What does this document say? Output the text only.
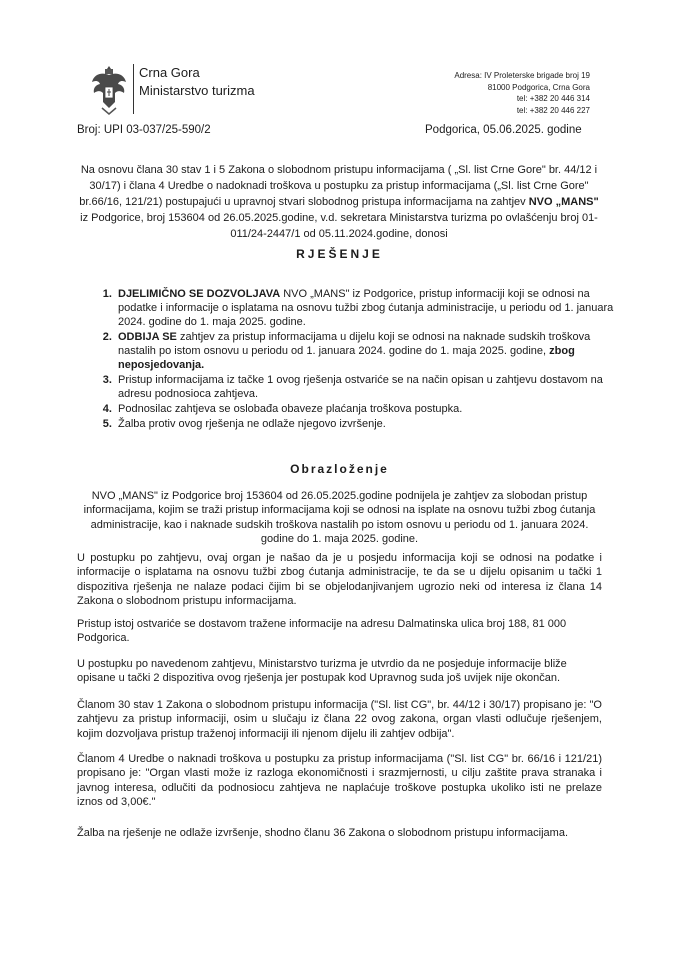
Crna Gora
Ministarstvo turizma
Adresa: IV Proleterske brigade broj 19
81000 Podgorica, Crna Gora
tel: +382 20 446 314
tel: +382 20 446 227
Broj: UPI 03-037/25-590/2	Podgorica, 05.06.2025. godine
Na osnovu člana 30 stav 1 i 5 Zakona o slobodnom pristupu informacijama ( „Sl. list Crne Gore" br. 44/12 i 30/17) i člana 4 Uredbe o nadoknadi troškova u postupku za pristup informacijama („Sl. list Crne Gore" br.66/16, 121/21) postupajući u upravnoj stvari slobodnog pristupa informacijama na zahtjev NVO „MANS" iz Podgorice, broj 153604 od 26.05.2025.godine, v.d. sekretara Ministarstva turizma po ovlašćenju broj 01-011/24-2447/1 od 05.11.2024.godine, donosi
RJEŠENJE
1. DJELIMIČNO SE DOZVOLJAVA NVO „MANS" iz Podgorice, pristup informaciji koji se odnosi na podatke i informacije o isplatama na osnovu tužbi zbog ćutanja administracije, u periodu od 1. januara 2024. godine do 1. maja 2025. godine.
2. ODBIJA SE zahtjev za pristup informacijama u dijelu koji se odnosi na naknade sudskih troškova nastalih po istom osnovu u periodu od 1. januara 2024. godine do 1. maja 2025. godine, zbog neposjedovanja.
3. Pristup informacijama iz tačke 1 ovog rješenja ostvariće se na način opisan u zahtjevu dostavom na adresu podnosioca zahtjeva.
4. Podnosilac zahtjeva se oslobađa obaveze plaćanja troškova postupka.
5. Žalba protiv ovog rješenja ne odlaže njegovo izvršenje.
Obrazloženje
NVO „MANS" iz Podgorice broj 153604 od 26.05.2025.godine podnijela je zahtjev za slobodan pristup informacijama, kojim se traži pristup informacijama koji se odnosi na isplate na osnovu tužbi zbog ćutanja administracije, kao i naknade sudskih troškova nastalih po istom osnovu u periodu od 1. januara 2024. godine do 1. maja 2025. godine.
U postupku po zahtjevu, ovaj organ je našao da je u posjedu informacija koji se odnosi na podatke i informacije o isplatama na osnovu tužbi zbog ćutanja administracije, te da se u dijelu opisanim u tački 1 dispozitiva rješenja ne nalaze podaci čijim bi se objelodanjivanjem ugrozio neki od interesa iz člana 14 Zakona o slobodnom pristupu informacijama.
Pristup istoj ostvariće se dostavom tražene informacije na adresu Dalmatinska ulica broj 188, 81 000 Podgorica.
U postupku po navedenom zahtjevu, Ministarstvo turizma je utvrdio da ne posjeduje informacije bliže opisane u tački 2 dispozitiva ovog rješenja jer postupak kod Upravnog suda još uvijek nije okončan.
Članom 30 stav 1 Zakona o slobodnom pristupu informacija ("Sl. list CG", br. 44/12 i 30/17) propisano je: "O zahtjevu za pristup informaciji, osim u slučaju iz člana 22 ovog zakona, organ vlasti odlučuje rješenjem, kojim dozvoljava pristup traženoj informaciji ili njenom dijelu ili zahtjev odbija".
Članom 4 Uredbe o naknadi troškova u postupku za pristup informacijama ("Sl. list CG" br. 66/16 i 121/21) propisano je: "Organ vlasti može iz razloga ekonomičnosti i srazmjernosti, u cilju zaštite prava stranaka i javnog interesa, odlučiti da podnosiocu zahtjeva ne naplaćuje troškove postupka ukoliko isti ne prelaze iznos od 3,00€."
Žalba na rješenje ne odlaže izvršenje, shodno članu 36 Zakona o slobodnom pristupu informacijama.
